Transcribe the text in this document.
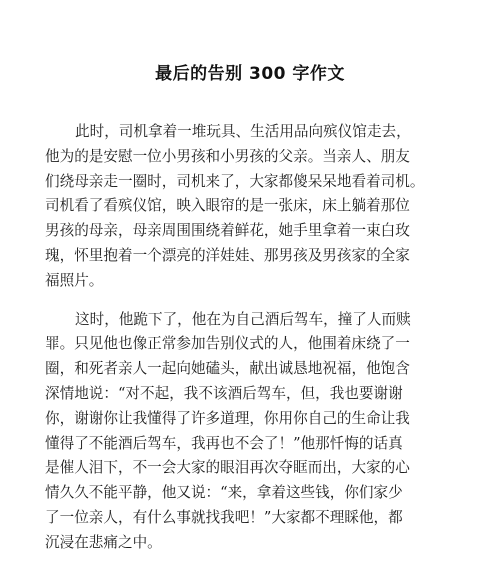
最后的告别 300 字作文
此时，司机拿着一堆玩具、生活用品向殡仪馆走去，
他为的是安慰一位小男孩和小男孩的父亲。当亲人、朋友
们绕母亲走一圈时，司机来了，大家都傻呆呆地看着司机。
司机看了看殡仪馆，映入眼帘的是一张床，床上躺着那位
男孩的母亲，母亲周围围绕着鲜花，她手里拿着一束白玫
瑰，怀里抱着一个漂亮的洋娃娃、那男孩及男孩家的全家
福照片。
这时，他跪下了，他在为自己酒后驾车，撞了人而赎
罪。只见他也像正常参加告别仪式的人，他围着床绕了一
圈，和死者亲人一起向她磕头，献出诚恳地祝福，他饱含
深情地说：“对不起，我不该酒后驾车，但，我也要谢谢
你，谢谢你让我懂得了许多道理，你用你自己的生命让我
懂得了不能酒后驾车，我再也不会了！”他那忏悔的话真
是催人泪下，不一会大家的眼泪再次夺眶而出，大家的心
情久久不能平静，他又说：“来，拿着这些钱，你们家少
了一位亲人，有什么事就找我吧！”大家都不理睬他，都
沉浸在悲痛之中。
